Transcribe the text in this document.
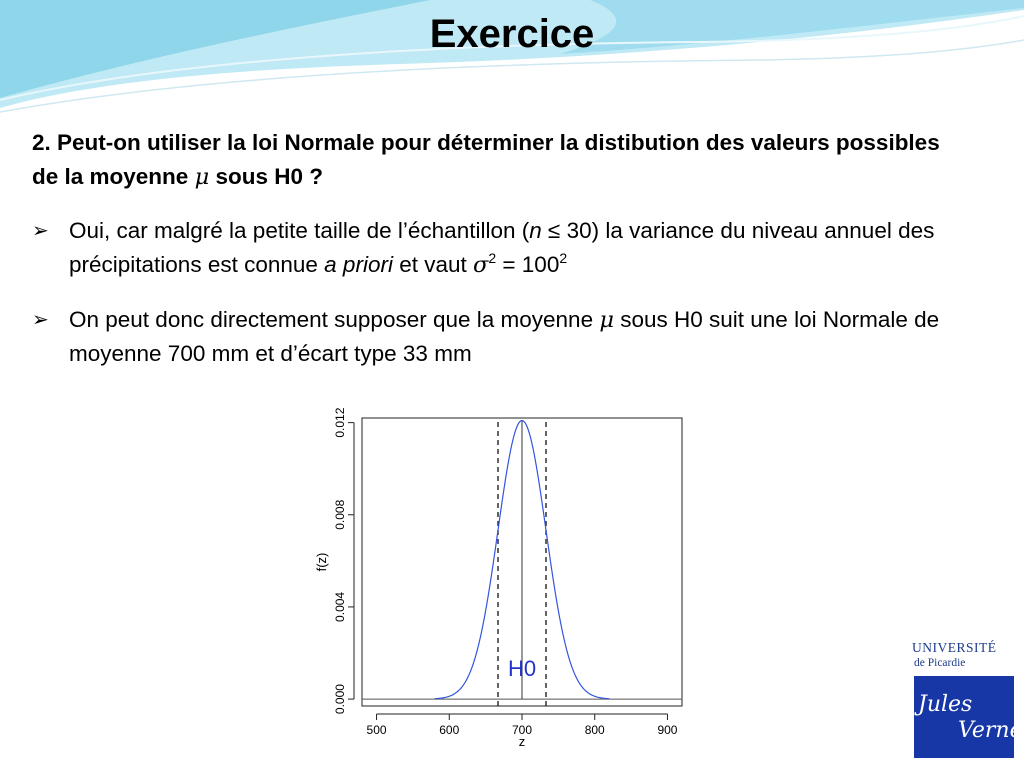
Exercice
2. Peut-on utiliser la loi Normale pour déterminer la distibution des valeurs possibles de la moyenne μ sous H0 ?
➢ Oui, car malgré la petite taille de l’échantillon (n ≤ 30) la variance du niveau annuel des précipitations est connue a priori et vaut $\sigma^2 = 100^2$
➢ On peut donc directement supposer que la moyenne μ sous H0 suit une loi Normale de moyenne 700 mm et d’écart type 33 mm
500	600	700	800	900
0.000
0.004
0.008
0.012
z
f(z)
H0
UNIVERSITÉ
de Picardie
Jules
Verne
